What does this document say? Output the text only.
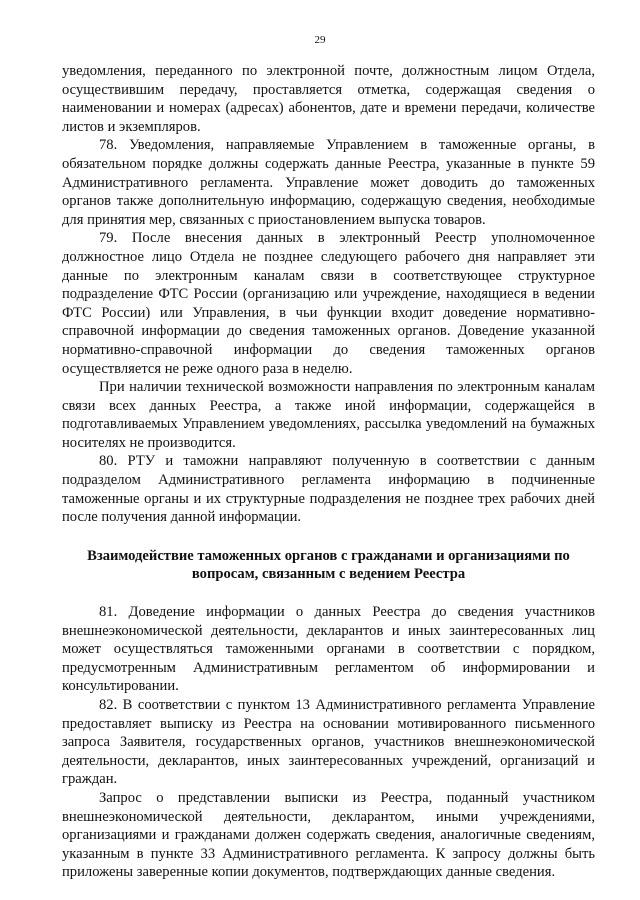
29

уведомления, переданного по электронной почте, должностным лицом Отдела, осуществившим передачу, проставляется отметка, содержащая сведения о наименовании и номерах (адресах) абонентов, дате и времени передачи, количестве листов и экземпляров.

78. Уведомления, направляемые Управлением в таможенные органы, в обязательном порядке должны содержать данные Реестра, указанные в пункте 59 Административного регламента. Управление может доводить до таможенных органов также дополнительную информацию, содержащую сведения, необходимые для принятия мер, связанных с приостановлением выпуска товаров.

79. После внесения данных в электронный Реестр уполномоченное должностное лицо Отдела не позднее следующего рабочего дня направляет эти данные по электронным каналам связи в соответствующее структурное подразделение ФТС России (организацию или учреждение, находящиеся в ведении ФТС России) или Управления, в чьи функции входит доведение нормативно-справочной информации до сведения таможенных органов. Доведение указанной нормативно-справочной информации до сведения таможенных органов осуществляется не реже одного раза в неделю.

При наличии технической возможности направления по электронным каналам связи всех данных Реестра, а также иной информации, содержащейся в подготавливаемых Управлением уведомлениях, рассылка уведомлений на бумажных носителях не производится.

80. РТУ и таможни направляют полученную в соответствии с данным подразделом Административного регламента информацию в подчиненные таможенные органы и их структурные подразделения не позднее трех рабочих дней после получения данной информации.

Взаимодействие таможенных органов с гражданами и организациями по вопросам, связанным с ведением Реестра

81. Доведение информации о данных Реестра до сведения участников внешнеэкономической деятельности, декларантов и иных заинтересованных лиц может осуществляться таможенными органами в соответствии с порядком, предусмотренным Административным регламентом об информировании и консультировании.

82. В соответствии с пунктом 13 Административного регламента Управление предоставляет выписку из Реестра на основании мотивированного письменного запроса Заявителя, государственных органов, участников внешнеэкономической деятельности, декларантов, иных заинтересованных учреждений, организаций и граждан.

Запрос о представлении выписки из Реестра, поданный участником внешнеэкономической деятельности, декларантом, иными учреждениями, организациями и гражданами должен содержать сведения, аналогичные сведениям, указанным в пункте 33 Административного регламента. К запросу должны быть приложены заверенные копии документов, подтверждающих данные сведения.
